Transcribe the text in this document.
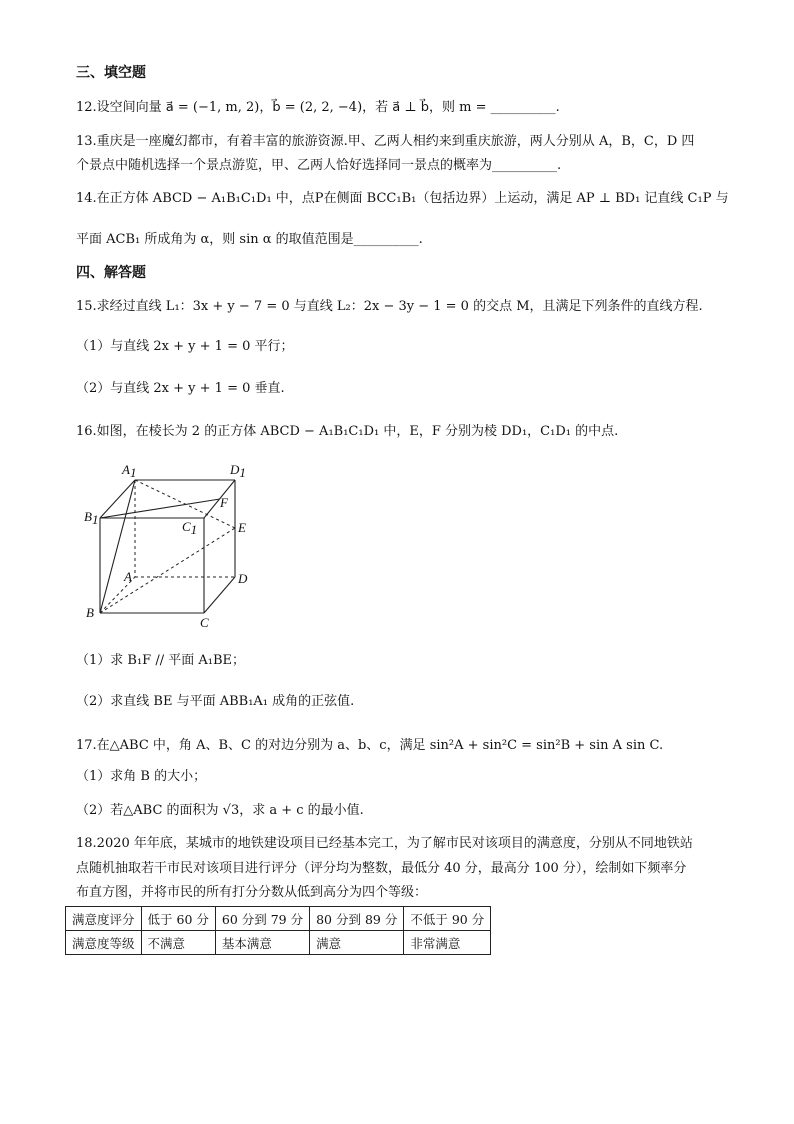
三、填空题
12.设空间向量 a⃗ = (−1, m, 2)，b⃗ = (2, 2, −4)，若 a⃗ ⊥ b⃗，则 m = __________.
13.重庆是一座魔幻都市，有着丰富的旅游资源.甲、乙两人相约来到重庆旅游，两人分别从 A，B，C，D 四
个景点中随机选择一个景点游览，甲、乙两人恰好选择同一景点的概率为__________.
14.在正方体 ABCD − A₁B₁C₁D₁ 中，点P在侧面 BCC₁B₁（包括边界）上运动，满足 AP ⊥ BD₁ 记直线 C₁P 与
平面 ACB₁ 所成角为 α，则 sin α 的取值范围是__________.
四、解答题
15.求经过直线 L₁：3x + y − 7 = 0 与直线 L₂：2x − 3y − 1 = 0 的交点 M，且满足下列条件的直线方程.
（1）与直线 2x + y + 1 = 0 平行；
（2）与直线 2x + y + 1 = 0 垂直.
16.如图，在棱长为 2 的正方体 ABCD − A₁B₁C₁D₁ 中，E，F 分别为棱 DD₁，C₁D₁ 的中点.
A1	D1
B1	C1
F
E
A	D
B
C
（1）求 B₁F // 平面 A₁BE；
（2）求直线 BE 与平面 ABB₁A₁ 成角的正弦值.
17.在△ABC 中，角 A、B、C 的对边分别为 a、b、c，满足 sin²A + sin²C = sin²B + sin A sin C.
（1）求角 B 的大小；
（2）若△ABC 的面积为 √3，求 a + c 的最小值.
18.2020 年年底，某城市的地铁建设项目已经基本完工，为了解市民对该项目的满意度，分别从不同地铁站
点随机抽取若干市民对该项目进行评分（评分均为整数，最低分 40 分，最高分 100 分），绘制如下频率分
布直方图，并将市民的所有打分分数从低到高分为四个等级：
满意度评分	低于 60 分	60 分到 79 分	80 分到 89 分	不低于 90 分
满意度等级	不满意	基本满意	满意	非常满意
